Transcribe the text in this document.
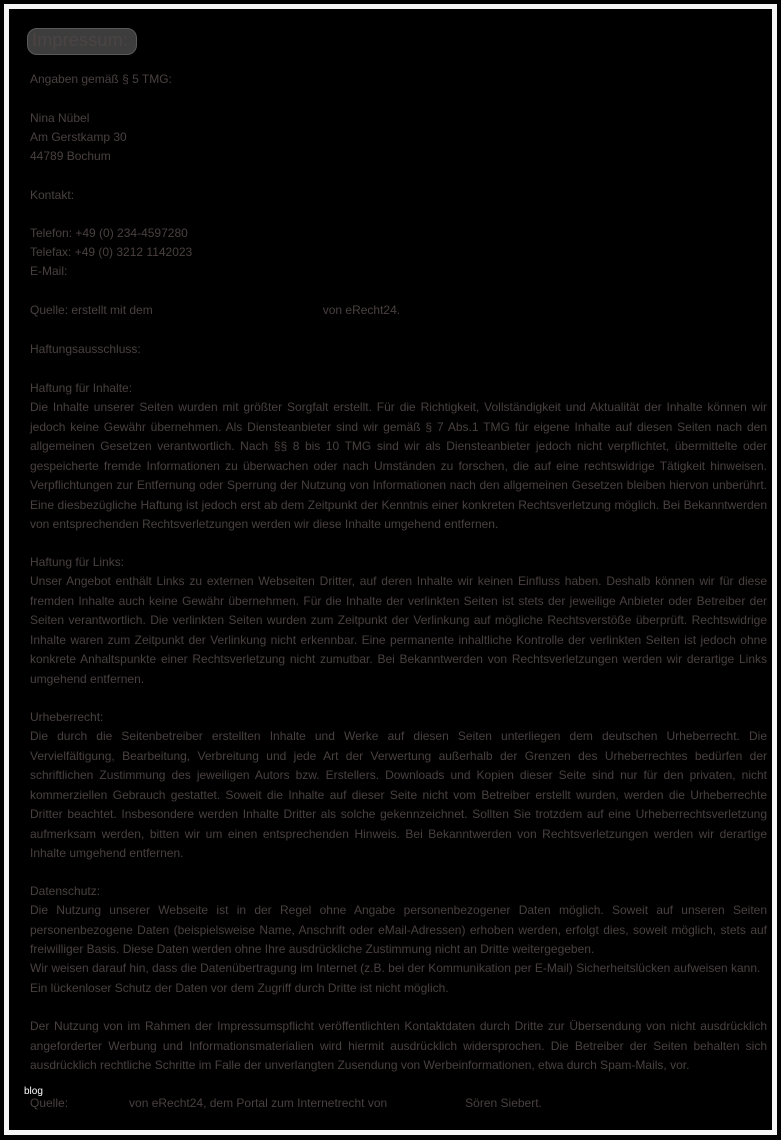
Impressum:
Angaben gemäß § 5 TMG:
Nina Nübel
Am Gerstkamp 30
44789 Bochum
Kontakt:
Telefon: +49 (0) 234-4597280
Telefax: +49 (0) 3212 1142023
E-Mail:
Quelle: erstellt mit dem	von eRecht24.
Haftungsausschluss:
Haftung für Inhalte:
Die Inhalte unserer Seiten wurden mit größter Sorgfalt erstellt. Für die Richtigkeit, Vollständigkeit und Aktualität der Inhalte können wir jedoch keine Gewähr übernehmen. Als Diensteanbieter sind wir gemäß § 7 Abs.1 TMG für eigene Inhalte auf diesen Seiten nach den allgemeinen Gesetzen verantwortlich. Nach §§ 8 bis 10 TMG sind wir als Diensteanbieter jedoch nicht verpflichtet, übermittelte oder gespeicherte fremde Informationen zu überwachen oder nach Umständen zu forschen, die auf eine rechtswidrige Tätigkeit hinweisen. Verpflichtungen zur Entfernung oder Sperrung der Nutzung von Informationen nach den allgemeinen Gesetzen bleiben hiervon unberührt. Eine diesbezügliche Haftung ist jedoch erst ab dem Zeitpunkt der Kenntnis einer konkreten Rechtsverletzung möglich. Bei Bekanntwerden von entsprechenden Rechtsverletzungen werden wir diese Inhalte umgehend entfernen.
Haftung für Links:
Unser Angebot enthält Links zu externen Webseiten Dritter, auf deren Inhalte wir keinen Einfluss haben. Deshalb können wir für diese fremden Inhalte auch keine Gewähr übernehmen. Für die Inhalte der verlinkten Seiten ist stets der jeweilige Anbieter oder Betreiber der Seiten verantwortlich. Die verlinkten Seiten wurden zum Zeitpunkt der Verlinkung auf mögliche Rechtsverstöße überprüft. Rechtswidrige Inhalte waren zum Zeitpunkt der Verlinkung nicht erkennbar. Eine permanente inhaltliche Kontrolle der verlinkten Seiten ist jedoch ohne konkrete Anhaltspunkte einer Rechtsverletzung nicht zumutbar. Bei Bekanntwerden von Rechtsverletzungen werden wir derartige Links umgehend entfernen.
Urheberrecht:
Die durch die Seitenbetreiber erstellten Inhalte und Werke auf diesen Seiten unterliegen dem deutschen Urheberrecht. Die Vervielfältigung, Bearbeitung, Verbreitung und jede Art der Verwertung außerhalb der Grenzen des Urheberrechtes bedürfen der schriftlichen Zustimmung des jeweiligen Autors bzw. Erstellers. Downloads und Kopien dieser Seite sind nur für den privaten, nicht kommerziellen Gebrauch gestattet. Soweit die Inhalte auf dieser Seite nicht vom Betreiber erstellt wurden, werden die Urheberrechte Dritter beachtet. Insbesondere werden Inhalte Dritter als solche gekennzeichnet. Sollten Sie trotzdem auf eine Urheberrechtsverletzung aufmerksam werden, bitten wir um einen entsprechenden Hinweis. Bei Bekanntwerden von Rechtsverletzungen werden wir derartige Inhalte umgehend entfernen.
Datenschutz:
Die Nutzung unserer Webseite ist in der Regel ohne Angabe personenbezogener Daten möglich. Soweit auf unseren Seiten personenbezogene Daten (beispielsweise Name, Anschrift oder eMail-Adressen) erhoben werden, erfolgt dies, soweit möglich, stets auf freiwilliger Basis. Diese Daten werden ohne Ihre ausdrückliche Zustimmung nicht an Dritte weitergegeben.
Wir weisen darauf hin, dass die Datenübertragung im Internet (z.B. bei der Kommunikation per E-Mail) Sicherheitslücken aufweisen kann. Ein lückenloser Schutz der Daten vor dem Zugriff durch Dritte ist nicht möglich.
Der Nutzung von im Rahmen der Impressumspflicht veröffentlichten Kontaktdaten durch Dritte zur Übersendung von nicht ausdrücklich angeforderter Werbung und Informationsmaterialien wird hiermit ausdrücklich widersprochen. Die Betreiber der Seiten behalten sich ausdrücklich rechtliche Schritte im Falle der unverlangten Zusendung von Werbeinformationen, etwa durch Spam-Mails, vor.
Quelle:	von eRecht24, dem Portal zum Internetrecht von	Sören Siebert.
blog
